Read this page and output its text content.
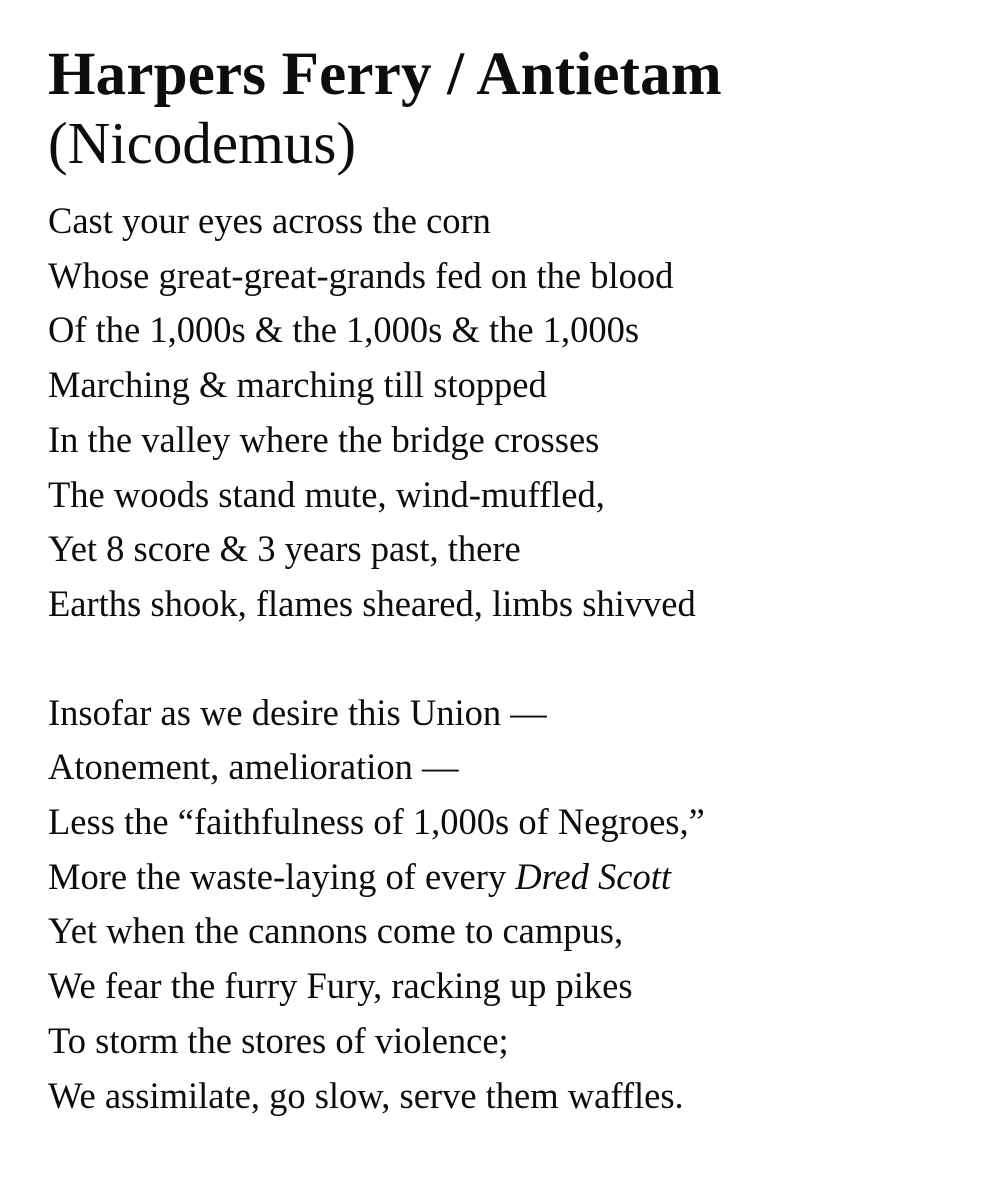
Harpers Ferry / Antietam
(Nicodemus)
Cast your eyes across the corn
Whose great-great-grands fed on the blood
Of the 1,000s & the 1,000s & the 1,000s
Marching & marching till stopped
In the valley where the bridge crosses
The woods stand mute, wind-muffled,
Yet 8 score & 3 years past, there
Earths shook, flames sheared, limbs shivved
Insofar as we desire this Union —
Atonement, amelioration —
Less the “faithfulness of 1,000s of Negroes,”
More the waste-laying of every Dred Scott
Yet when the cannons come to campus,
We fear the furry Fury, racking up pikes
To storm the stores of violence;
We assimilate, go slow, serve them waffles.
